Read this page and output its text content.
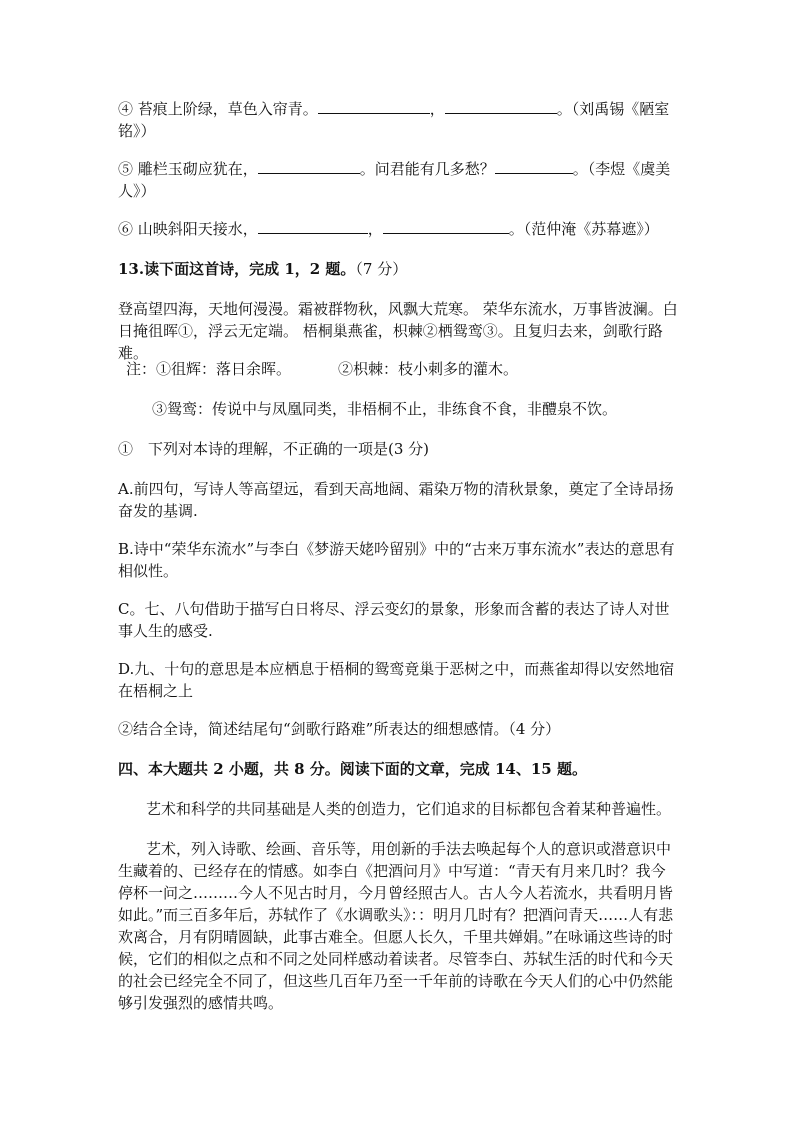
④ 苔痕上阶绿，草色入帘青。	，	。（刘禹锡《陋室铭》）
⑤ 雕栏玉砌应犹在，	。问君能有几多愁？	。（李煜《虞美人》）
⑥ 山映斜阳天接水，	，	。（范仲淹《苏幕遮》）
13.读下面这首诗，完成 1，2 题。（7 分）

登高望四海，天地何漫漫。霜被群物秋，风飘大荒寒。 荣华东流水，万事皆波澜。白日掩徂晖①，浮云无定端。 梧桐巢燕雀，枳棘②栖鸳鸾③。且复归去来，剑歌行路难。

注：①徂辉：落日余晖。	②枳棘：枝小刺多的灌木。

③鸳鸾：传说中与凤凰同类，非梧桐不止，非练食不食，非醴泉不饮。

①　下列对本诗的理解，不正确的一项是(3 分)

A.前四句，写诗人等高望远，看到天高地阔、霜染万物的清秋景象，奠定了全诗昂扬奋发的基调.

B.诗中“荣华东流水”与李白《梦游天姥吟留别》中的“古来万事东流水”表达的意思有相似性。

C。七、八句借助于描写白日将尽、浮云变幻的景象，形象而含蓄的表达了诗人对世事人生的感受.

D.九、十句的意思是本应栖息于梧桐的鸳鸾竟巢于恶树之中，而燕雀却得以安然地宿在梧桐之上

②结合全诗，简述结尾句“剑歌行路难”所表达的细想感情。（4 分）

四、本大题共 2 小题，共 8 分。阅读下面的文章，完成 14、15 题。

艺术和科学的共同基础是人类的创造力，它们追求的目标都包含着某种普遍性。

艺术，列入诗歌、绘画、音乐等，用创新的手法去唤起每个人的意识或潜意识中生藏着的、已经存在的情感。如李白《把酒问月》中写道：“青天有月来几时？我今停杯一问之………今人不见古时月，今月曾经照古人。古人今人若流水，共看明月皆如此。”而三百多年后，苏轼作了《水调歌头》：：明月几时有？把酒问青天……人有悲欢离合，月有阴晴圆缺，此事古难全。但愿人长久，千里共婵娟。”在咏诵这些诗的时候，它们的相似之点和不同之处同样感动着读者。尽管李白、苏轼生活的时代和今天的社会已经完全不同了，但这些几百年乃至一千年前的诗歌在今天人们的心中仍然能够引发强烈的感情共鸣。
